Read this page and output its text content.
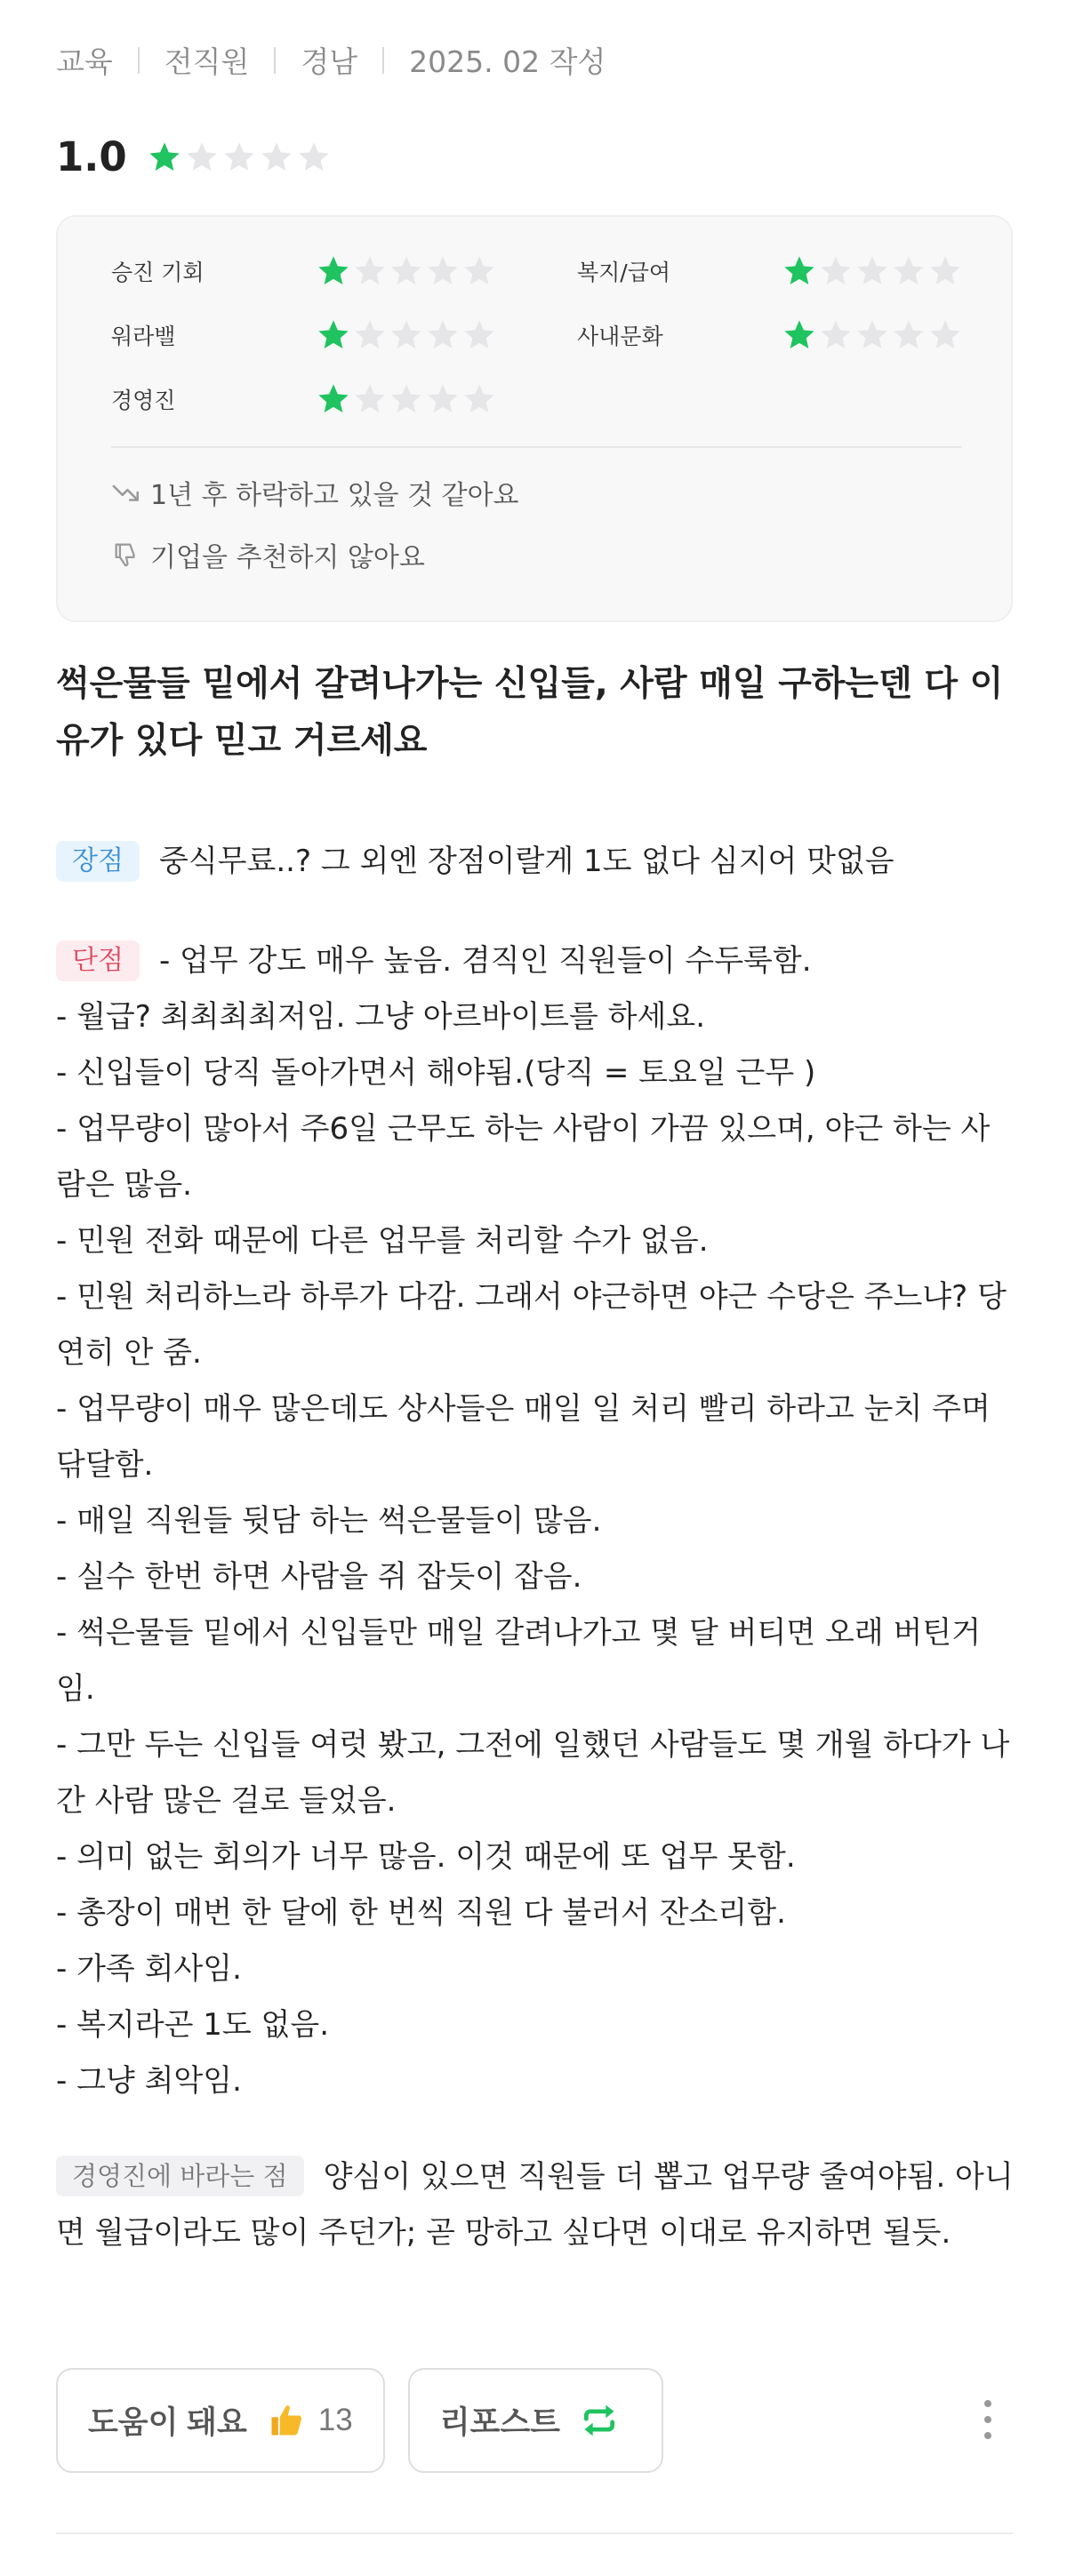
교육 전직원 경남 2025. 02 작성
1.0
승진 기회	복지/급여
워라밸	사내문화
경영진
1년 후 하락하고 있을 것 같아요
기업을 추천하지 않아요
썩은물들 밑에서 갈려나가는 신입들, 사람 매일 구하는덴 다 이유가 있다 믿고 거르세요
장점 중식무료..? 그 외엔 장점이랄게 1도 없다 심지어 맛없음
단점 - 업무 강도 매우 높음. 겸직인 직원들이 수두룩함.
- 월급? 최최최최저임. 그냥 아르바이트를 하세요.
- 신입들이 당직 돌아가면서 해야됨.(당직 = 토요일 근무 )
- 업무량이 많아서 주6일 근무도 하는 사람이 가끔 있으며, 야근 하는 사람은 많음.
- 민원 전화 때문에 다른 업무를 처리할 수가 없음.
- 민원 처리하느라 하루가 다감. 그래서 야근하면 야근 수당은 주느냐? 당연히 안 줌.
- 업무량이 매우 많은데도 상사들은 매일 일 처리 빨리 하라고 눈치 주며 닦달함.
- 매일 직원들 뒷담 하는 썩은물들이 많음.
- 실수 한번 하면 사람을 쥐 잡듯이 잡음.
- 썩은물들 밑에서 신입들만 매일 갈려나가고 몇 달 버티면 오래 버틴거임.
- 그만 두는 신입들 여럿 봤고, 그전에 일했던 사람들도 몇 개월 하다가 나간 사람 많은 걸로 들었음.
- 의미 없는 회의가 너무 많음. 이것 때문에 또 업무 못함.
- 총장이 매번 한 달에 한 번씩 직원 다 불러서 잔소리함.
- 가족 회사임.
- 복지라곤 1도 없음.
- 그냥 최악임.
경영진에 바라는 점 양심이 있으면 직원들 더 뽑고 업무량 줄여야됨. 아니면 월급이라도 많이 주던가; 곧 망하고 싶다면 이대로 유지하면 될듯.
도움이 돼요 13	리포스트
